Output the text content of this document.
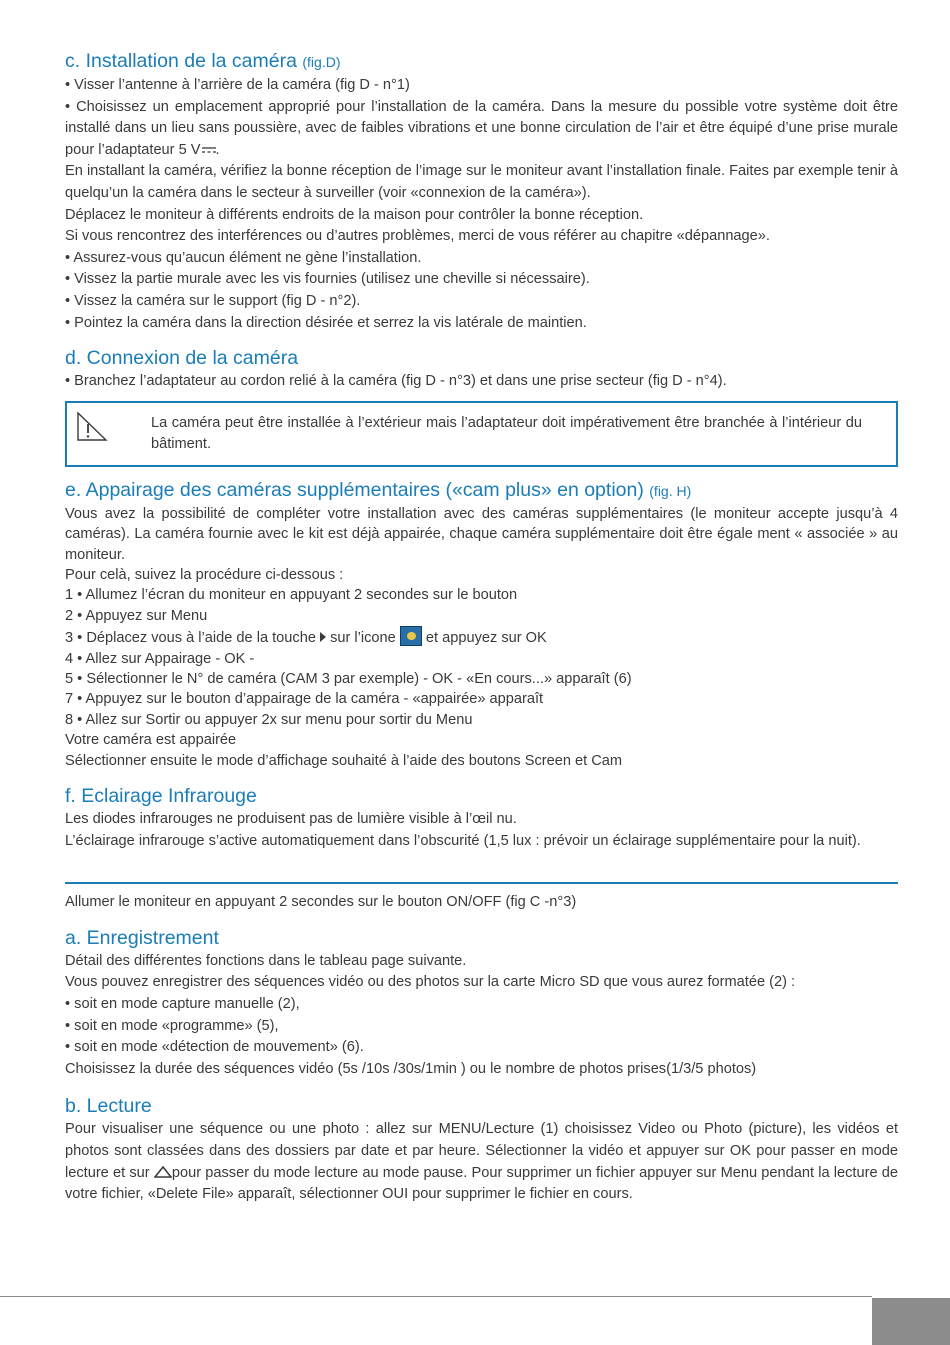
c. Installation de la caméra (fig.D)

• Visser l’antenne à l’arrière de la caméra (fig D - n°1)

• Choisissez un emplacement approprié pour l’installation de la caméra. Dans la mesure du possible votre système doit être installé dans un lieu sans poussière, avec de faibles vibrations et une bonne circulation de l’air et être équipé d’une prise murale pour l’adaptateur 5 V .

En installant la caméra, vérifiez la bonne réception de l’image sur le moniteur avant l’installation finale. Faites par exemple tenir à quelqu’un la caméra dans le secteur à surveiller (voir «connexion de la caméra»).

Déplacez le moniteur à différents endroits de la maison pour contrôler la bonne réception.

Si vous rencontrez des interférences ou d’autres problèmes, merci de vous référer au chapitre «dépannage».

• Assurez-vous qu’aucun élément ne gène l’installation.

• Vissez la partie murale avec les vis fournies (utilisez une cheville si nécessaire).

• Vissez la caméra sur le support (fig D - n°2).

• Pointez la caméra dans la direction désirée et serrez la vis latérale de maintien.

d. Connexion de la caméra

• Branchez l’adaptateur au cordon relié à la caméra (fig D - n°3) et dans une prise secteur (fig D - n°4).

La caméra peut être installée à l’extérieur mais l’adaptateur doit impérativement être branchée à l’intérieur du bâtiment.
e. Appairage des caméras supplémentaires («cam plus» en option) (fig. H)

Vous avez la possibilité de compléter votre installation avec des caméras supplémentaires (le moniteur accepte jusqu’à 4 caméras). La caméra fournie avec le kit est déjà appairée, chaque caméra supplémentaire doit être égale ment « associée » au moniteur.

Pour celà, suivez la procédure ci-dessous :

1 • Allumez l’écran du moniteur en appuyant 2 secondes sur le bouton

2 • Appuyez sur Menu

3 • Déplacez vous à l’aide de la touche sur l’icone et appuyez sur OK

4 • Allez sur Appairage - OK -

5 • Sélectionner le N° de caméra (CAM 3 par exemple) - OK - «En cours...» apparaît (6)

7 • Appuyez sur le bouton d’appairage de la caméra - «appairée» apparaît

8 • Allez sur Sortir ou appuyer 2x sur menu pour sortir du Menu

Votre caméra est appairée

Sélectionner ensuite le mode d’affichage souhaité à l’aide des boutons Screen et Cam

f. Eclairage Infrarouge

Les diodes infrarouges ne produisent pas de lumière visible à l’œil nu.

L’éclairage infrarouge s’active automatiquement dans l’obscurité (1,5 lux : prévoir un éclairage supplémentaire pour la nuit).

Allumer le moniteur en appuyant 2 secondes sur le bouton ON/OFF (fig C -n°3)

a. Enregistrement

Détail des différentes fonctions dans le tableau page suivante.

Vous pouvez enregistrer des séquences vidéo ou des photos sur la carte Micro SD que vous aurez formatée (2) :

• soit en mode capture manuelle (2),

• soit en mode «programme» (5),

• soit en mode «détection de mouvement» (6).

Choisissez la durée des séquences vidéo (5s /10s /30s/1min ) ou le nombre de photos prises(1/3/5 photos)

b. Lecture

Pour visualiser une séquence ou une photo : allez sur MENU/Lecture (1) choisissez Video ou Photo (picture), les vidéos et photos sont classées dans des dossiers par date et par heure. Sélectionner la vidéo et appuyer sur OK pour passer en mode lecture et sur pour passer du mode lecture au mode pause. Pour supprimer un fichier appuyer sur Menu pendant la lecture de votre fichier, «Delete File» apparaît, sélectionner OUI pour supprimer le fichier en cours.
